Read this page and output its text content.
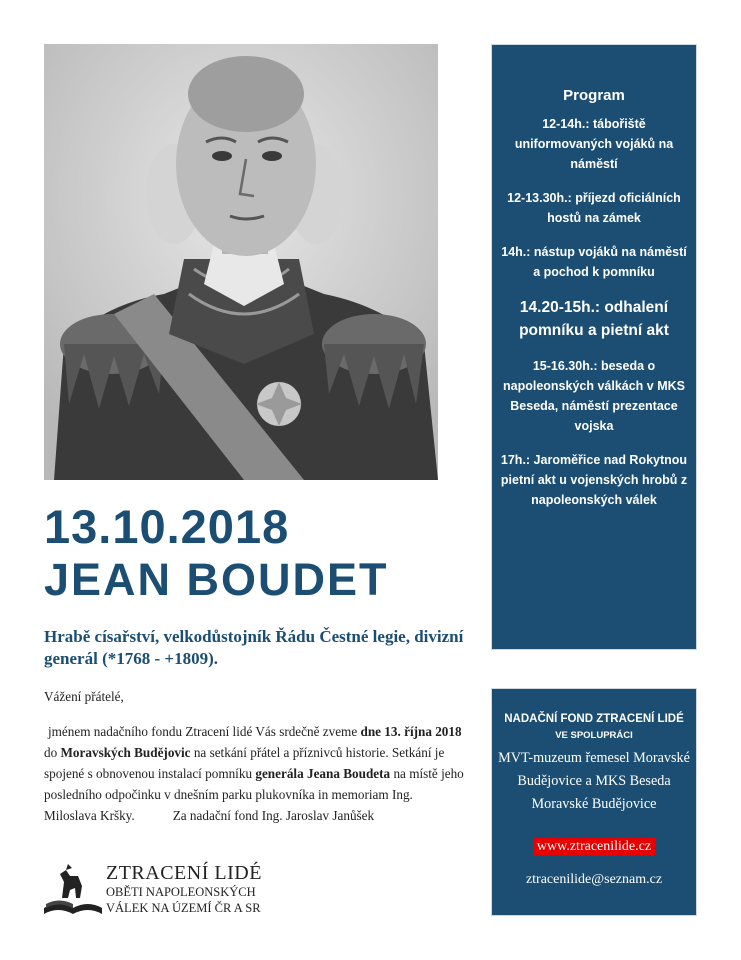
13.10.2018
JEAN BOUDET

Hrabě císařství, velkodůstojník Řádu Čestné legie, divizní generál (*1768 - +1809).

Vážení přátelé,

jménem nadačního fondu Ztracení lidé Vás srdečně zveme dne 13. října 2018 do Moravských Budějovic na setkání přátel a příznivců historie. Setkání je spojené s obnovenou instalací pomníku generála Jeana Boudeta na místě jeho posledního odpočinku v dnešním parku plukovníka in memoriam Ing. Miloslava Kršky.	Za nadační fond Ing. Jaroslav Janůšek

ZTRACENÍ LIDÉ

OBĚTI NAPOLEONSKÝCH

VÁLEK NA ÚZEMÍ ČR A SR

Program
12-14h.: tábořiště uniformovaných vojáků na náměstí
12-13.30h.: příjezd oficiálních hostů na zámek
14h.: nástup vojáků na náměstí a pochod k pomníku
14.20-15h.: odhalení pomníku a pietní akt
15-16.30h.: beseda o napoleonských válkách v MKS Beseda, náměstí prezentace vojska
17h.: Jaroměřice nad Rokytnou pietní akt u vojenských hrobů z napoleonských válek
NADAČNÍ FOND ZTRACENÍ LIDÉ
VE SPOLUPRÁCI
MVT-muzeum řemesel Moravské Budějovice a MKS Beseda Moravské Budějovice
www.ztracenilide.cz
ztracenilide@seznam.cz
